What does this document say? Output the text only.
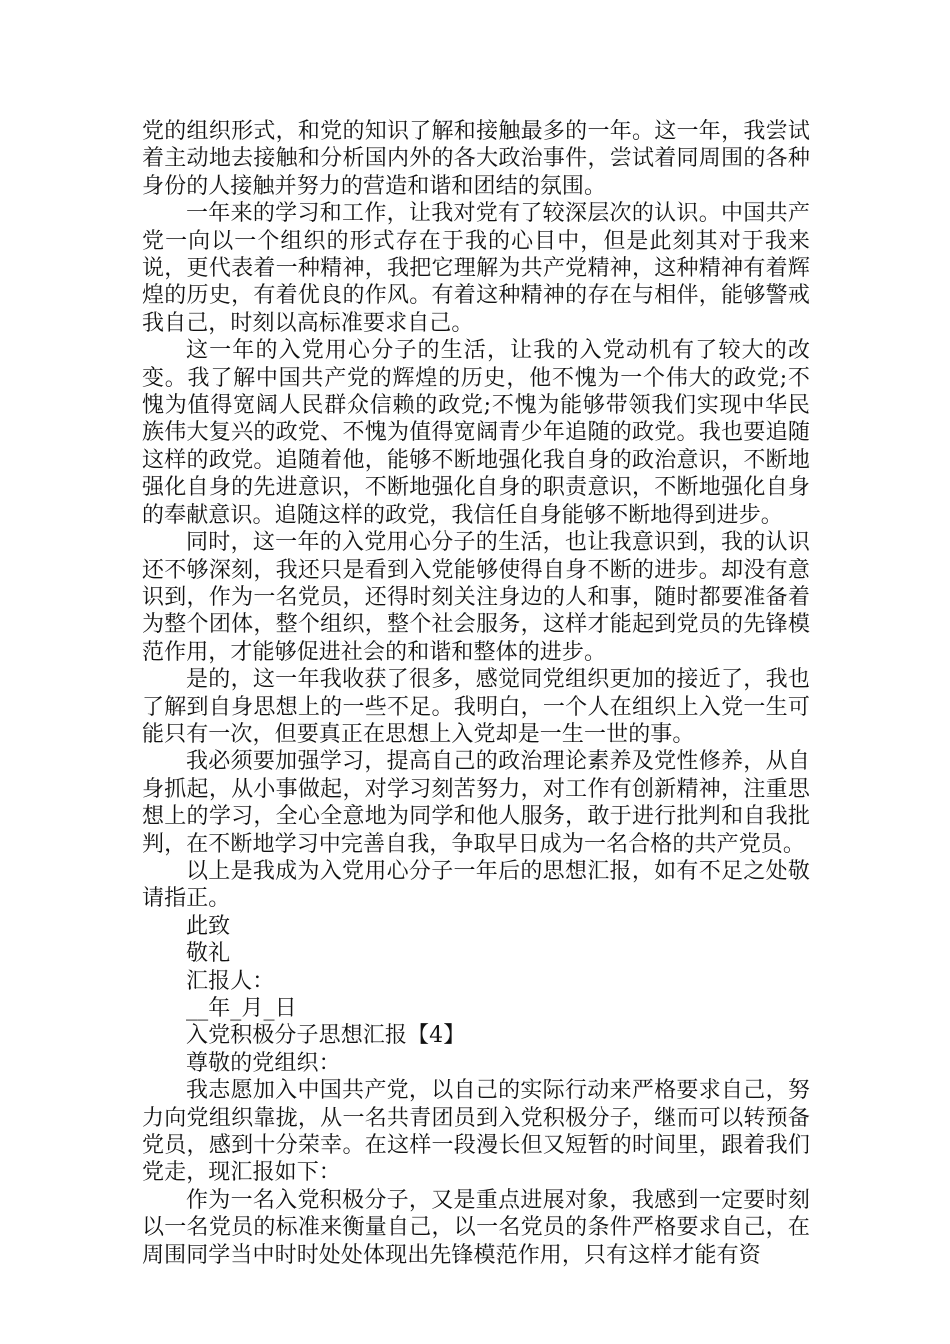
党的组织形式，和党的知识了解和接触最多的一年。这一年，我尝试着主动地去接触和分析国内外的各大政治事件，尝试着同周围的各种身份的人接触并努力的营造和谐和团结的氛围。

一年来的学习和工作，让我对党有了较深层次的认识。中国共产党一向以一个组织的形式存在于我的心目中，但是此刻其对于我来说，更代表着一种精神，我把它理解为共产党精神，这种精神有着辉煌的历史，有着优良的作风。有着这种精神的存在与相伴，能够警戒我自己，时刻以高标准要求自己。

这一年的入党用心分子的生活，让我的入党动机有了较大的改变。我了解中国共产党的辉煌的历史，他不愧为一个伟大的政党;不愧为值得宽阔人民群众信赖的政党;不愧为能够带领我们实现中华民族伟大复兴的政党、不愧为值得宽阔青少年追随的政党。我也要追随这样的政党。追随着他，能够不断地强化我自身的政治意识，不断地强化自身的先进意识，不断地强化自身的职责意识，不断地强化自身的奉献意识。追随这样的政党，我信任自身能够不断地得到进步。

同时，这一年的入党用心分子的生活，也让我意识到，我的认识还不够深刻，我还只是看到入党能够使得自身不断的进步。却没有意识到，作为一名党员，还得时刻关注身边的人和事，随时都要准备着为整个团体，整个组织，整个社会服务，这样才能起到党员的先锋模范作用，才能够促进社会的和谐和整体的进步。

是的，这一年我收获了很多，感觉同党组织更加的接近了，我也了解到自身思想上的一些不足。我明白，一个人在组织上入党一生可能只有一次，但要真正在思想上入党却是一生一世的事。

我必须要加强学习，提高自己的政治理论素养及党性修养，从自身抓起，从小事做起，对学习刻苦努力，对工作有创新精神，注重思想上的学习，全心全意地为同学和他人服务，敢于进行批判和自我批判，在不断地学习中完善自我，争取早日成为一名合格的共产党员。

以上是我成为入党用心分子一年后的思想汇报，如有不足之处敬请指正。

此致

敬礼

汇报人：

__年_月_日

入党积极分子思想汇报【4】

尊敬的党组织：

我志愿加入中国共产党，以自己的实际行动来严格要求自己，努力向党组织靠拢，从一名共青团员到入党积极分子，继而可以转预备党员，感到十分荣幸。在这样一段漫长但又短暂的时间里，跟着我们党走，现汇报如下：

作为一名入党积极分子，又是重点进展对象，我感到一定要时刻以一名党员的标准来衡量自己，以一名党员的条件严格要求自己，在周围同学当中时时处处体现出先锋模范作用，只有这样才能有资
